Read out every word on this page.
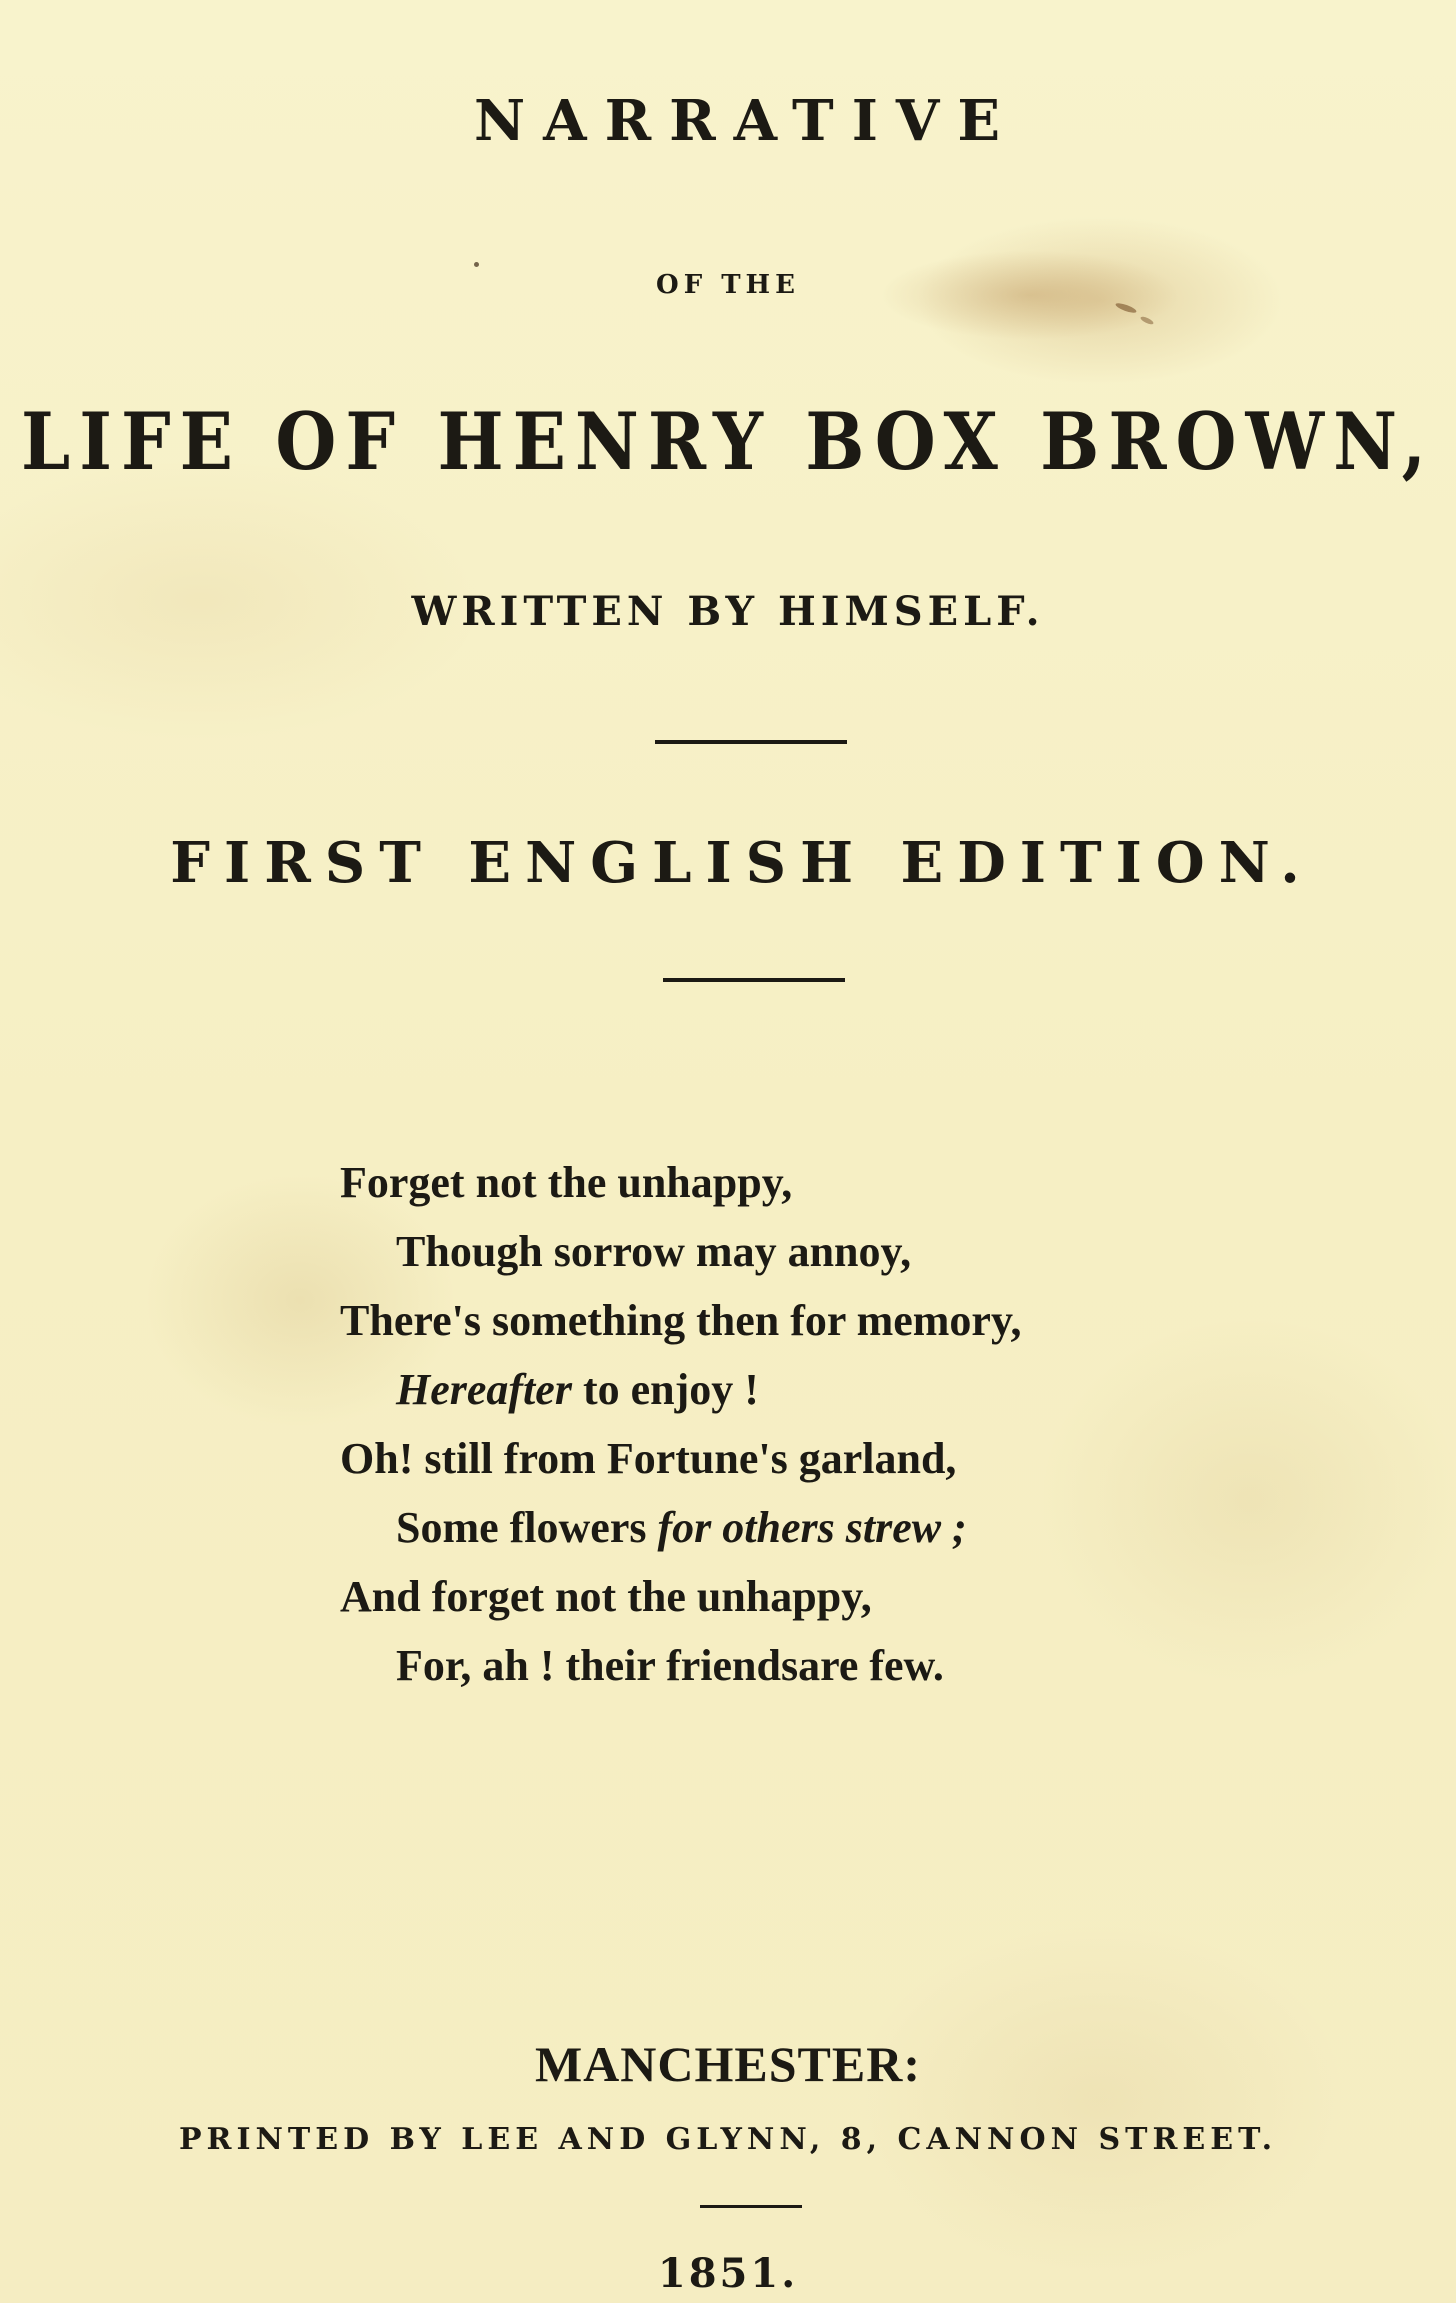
NARRATIVE

OF THE

LIFE OF HENRY BOX BROWN,

WRITTEN BY HIMSELF.

FIRST ENGLISH EDITION.

Forget not the unhappy,

Though sorrow may annoy,

There's something then for memory,

Hereafter to enjoy !

Oh! still from Fortune's garland,

Some flowers for others strew ;

And forget not the unhappy,

For, ah ! their friendsare few.

MANCHESTER:

PRINTED BY LEE AND GLYNN, 8, CANNON STREET.

1851.
